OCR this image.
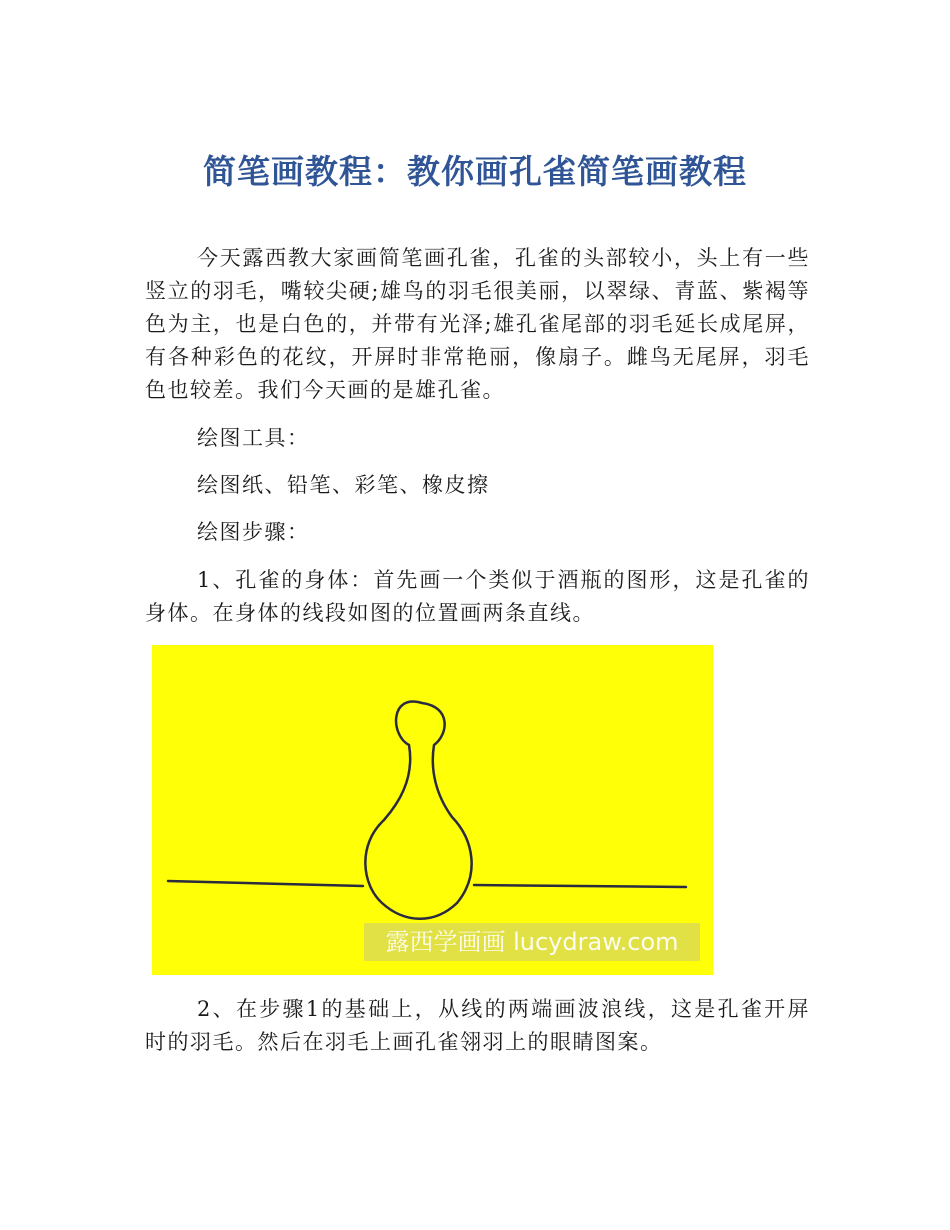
简笔画教程：教你画孔雀简笔画教程

今天露西教大家画简笔画孔雀，孔雀的头部较小，头上有一些竖立的羽毛，嘴较尖硬;雄鸟的羽毛很美丽，以翠绿、青蓝、紫褐等色为主，也是白色的，并带有光泽;雄孔雀尾部的羽毛延长成尾屏，有各种彩色的花纹，开屏时非常艳丽，像扇子。雌鸟无尾屏，羽毛色也较差。我们今天画的是雄孔雀。

绘图工具：

绘图纸、铅笔、彩笔、橡皮擦

绘图步骤：

1、孔雀的身体：首先画一个类似于酒瓶的图形，这是孔雀的身体。在身体的线段如图的位置画两条直线。

露西学画画 lucydraw.com

2、在步骤1的基础上，从线的两端画波浪线，这是孔雀开屏时的羽毛。然后在羽毛上画孔雀翎羽上的眼睛图案。
